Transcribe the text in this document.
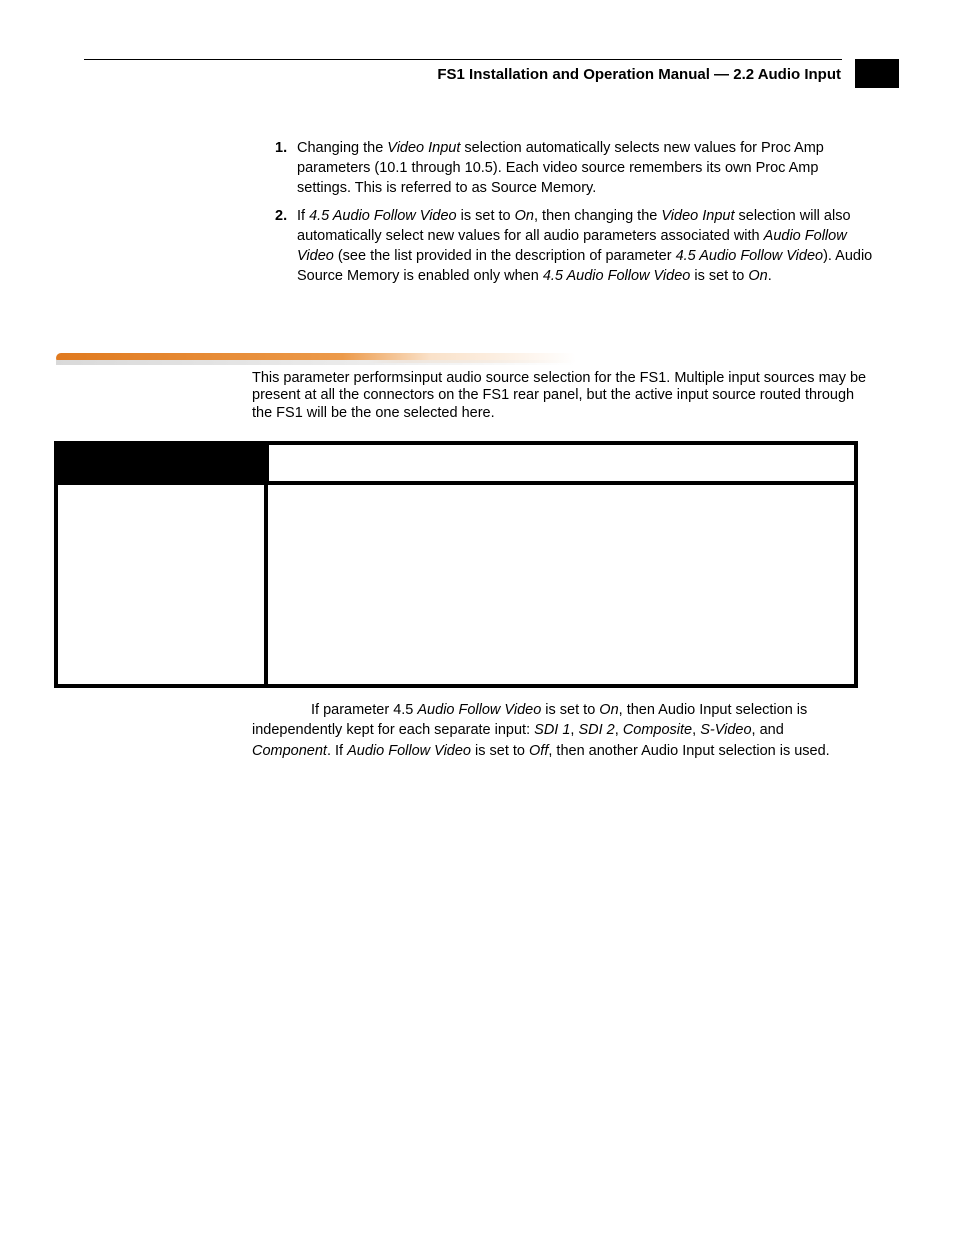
FS1 Installation and Operation Manual — 2.2 Audio Input
1. Changing the Video Input selection automatically selects new values for Proc Amp parameters (10.1 through 10.5). Each video source remembers its own Proc Amp settings. This is referred to as Source Memory.
2. If 4.5 Audio Follow Video is set to On, then changing the Video Input selection will also automatically select new values for all audio parameters associated with Audio Follow Video (see the list provided in the description of parameter 4.5 Audio Follow Video). Audio Source Memory is enabled only when 4.5 Audio Follow Video is set to On.

This parameter performsinput audio source selection for the FS1. Multiple input sources may be present at all the connectors on the FS1 rear panel, but the active input source routed through the FS1 will be the one selected here.

If parameter 4.5 Audio Follow Video is set to On, then Audio Input selection is independently kept for each separate input: SDI 1, SDI 2, Composite, S-Video, and Component. If Audio Follow Video is set to Off, then another Audio Input selection is used.
